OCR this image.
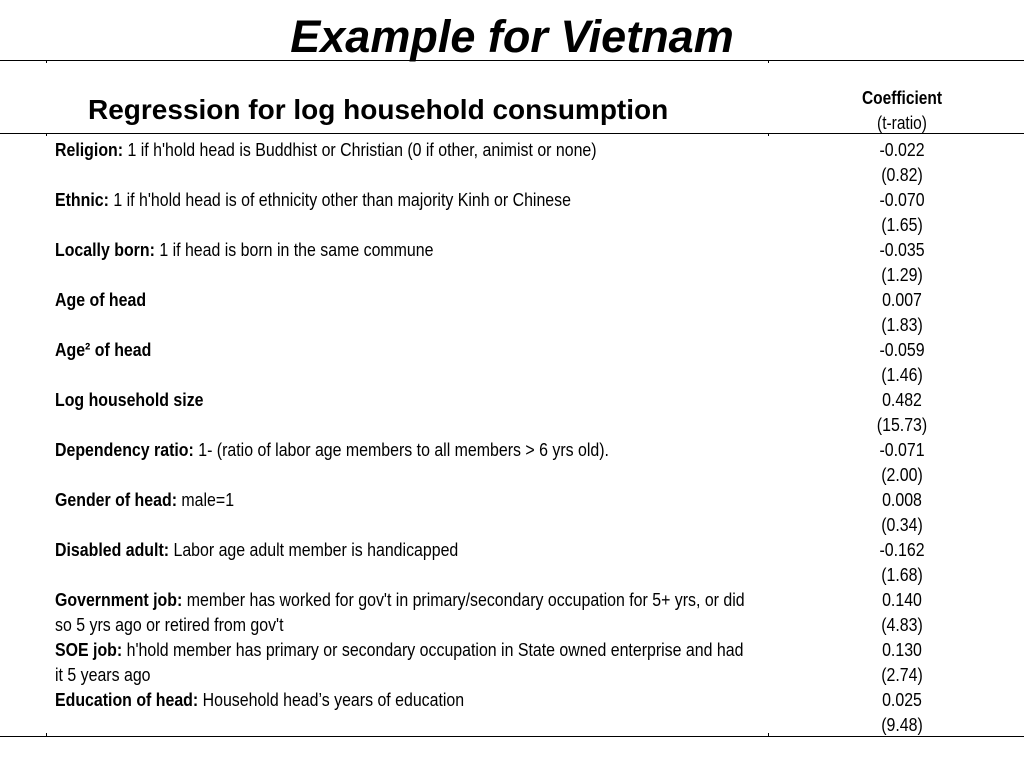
Example for Vietnam
Regression for log household consumption	Coefficient
(t-ratio)
Religion: 1 if h'hold head is Buddhist or Christian (0 if other, animist or none)
Ethnic: 1 if h'hold head is of ethnicity other than majority Kinh or Chinese
Locally born: 1 if head is born in the same commune
Age of head
Age² of head
Log household size
Dependency ratio: 1- (ratio of labor age members to all members > 6 yrs old).
Gender of head: male=1
Disabled adult: Labor age adult member is handicapped
Government job: member has worked for gov't in primary/secondary occupation for 5+ yrs, or did so 5 yrs ago or retired from gov't
SOE job: h'hold member has primary or secondary occupation in State owned enterprise and had it 5 years ago
Education of head: Household head’s years of education
-0.022
(0.82)
-0.070
(1.65)
-0.035
(1.29)
0.007
(1.83)
-0.059
(1.46)
0.482
(15.73)
-0.071
(2.00)
0.008
(0.34)
-0.162
(1.68)
0.140
(4.83)
0.130
(2.74)
0.025
(9.48)
